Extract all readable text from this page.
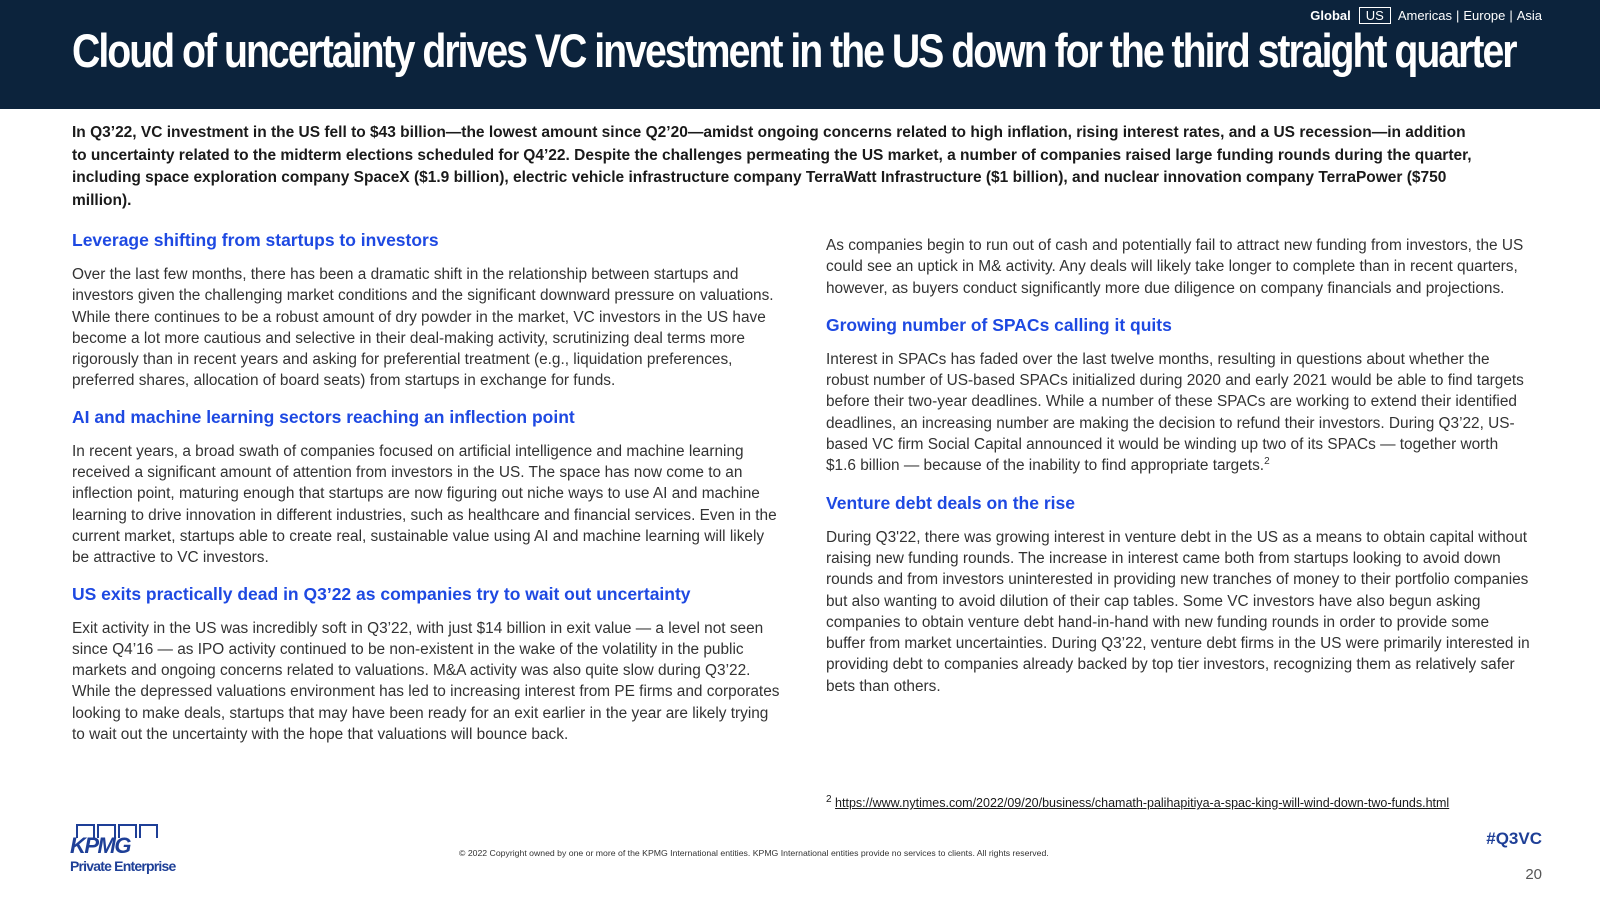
Global	US	Americas | Europe | Asia
Cloud of uncertainty drives VC investment in the US down for the third straight quarter

In Q3’22, VC investment in the US fell to $43 billion—the lowest amount since Q2’20—amidst ongoing concerns related to high inflation, rising interest rates, and a US recession—in addition to uncertainty related to the midterm elections scheduled for Q4’22. Despite the challenges permeating the US market, a number of companies raised large funding rounds during the quarter, including space exploration company SpaceX ($1.9 billion), electric vehicle infrastructure company TerraWatt Infrastructure ($1 billion), and nuclear innovation company TerraPower ($750 million).

Leverage shifting from startups to investors

Over the last few months, there has been a dramatic shift in the relationship between startups and investors given the challenging market conditions and the significant downward pressure on valuations. While there continues to be a robust amount of dry powder in the market, VC investors in the US have become a lot more cautious and selective in their deal-making activity, scrutinizing deal terms more rigorously than in recent years and asking for preferential treatment (e.g., liquidation preferences, preferred shares, allocation of board seats) from startups in exchange for funds.

AI and machine learning sectors reaching an inflection point

In recent years, a broad swath of companies focused on artificial intelligence and machine learning received a significant amount of attention from investors in the US. The space has now come to an inflection point, maturing enough that startups are now figuring out niche ways to use AI and machine learning to drive innovation in different industries, such as healthcare and financial services. Even in the current market, startups able to create real, sustainable value using AI and machine learning will likely be attractive to VC investors.

US exits practically dead in Q3’22 as companies try to wait out uncertainty

Exit activity in the US was incredibly soft in Q3’22, with just $14 billion in exit value — a level not seen since Q4’16 — as IPO activity continued to be non-existent in the wake of the volatility in the public markets and ongoing concerns related to valuations. M&A activity was also quite slow during Q3’22. While the depressed valuations environment has led to increasing interest from PE firms and corporates looking to make deals, startups that may have been ready for an exit earlier in the year are likely trying to wait out the uncertainty with the hope that valuations will bounce back.

As companies begin to run out of cash and potentially fail to attract new funding from investors, the US could see an uptick in M& activity. Any deals will likely take longer to complete than in recent quarters, however, as buyers conduct significantly more due diligence on company financials and projections.

Growing number of SPACs calling it quits

Interest in SPACs has faded over the last twelve months, resulting in questions about whether the robust number of US-based SPACs initialized during 2020 and early 2021 would be able to find targets before their two-year deadlines. While a number of these SPACs are working to extend their identified deadlines, an increasing number are making the decision to refund their investors. During Q3’22, US-based VC firm Social Capital announced it would be winding up two of its SPACs — together worth $1.6 billion — because of the inability to find appropriate targets.$^2$

Venture debt deals on the rise

During Q3'22, there was growing interest in venture debt in the US as a means to obtain capital without raising new funding rounds. The increase in interest came both from startups looking to avoid down rounds and from investors uninterested in providing new tranches of money to their portfolio companies but also wanting to avoid dilution of their cap tables. Some VC investors have also begun asking companies to obtain venture debt hand-in-hand with new funding rounds in order to provide some buffer from market uncertainties. During Q3’22, venture debt firms in the US were primarily interested in providing debt to companies already backed by top tier investors, recognizing them as relatively safer bets than others.

$^2$ https://www.nytimes.com/2022/09/20/business/chamath-palihapitiya-a-spac-king-will-wind-down-two-funds.html
KPMG
Private Enterprise
© 2022 Copyright owned by one or more of the KPMG International entities. KPMG International entities provide no services to clients. All rights reserved.
#Q3VC
20
